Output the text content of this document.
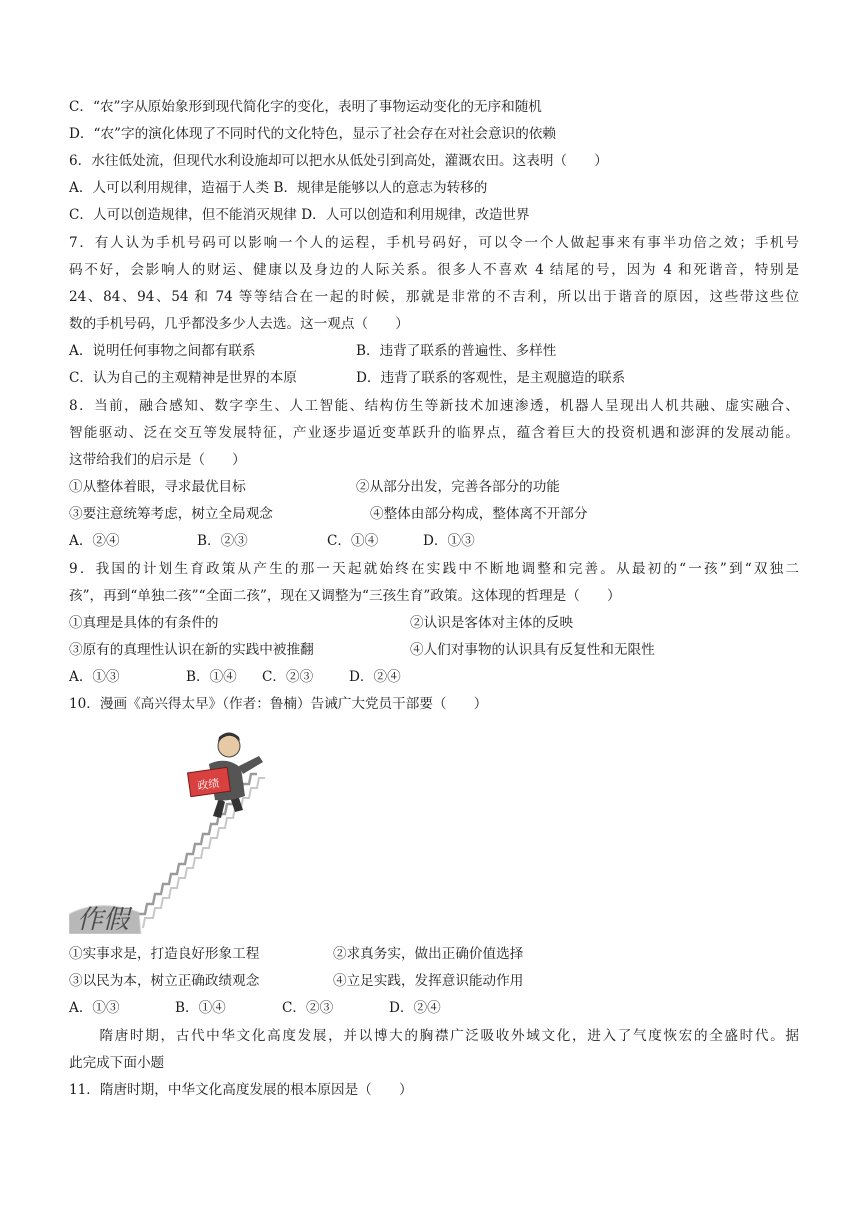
C．“农”字从原始象形到现代简化字的变化，表明了事物运动变化的无序和随机
D．“农”字的演化体现了不同时代的文化特色，显示了社会存在对社会意识的依赖
6．水往低处流，但现代水利设施却可以把水从低处引到高处，灌溉农田。这表明（　　）
A．人可以利用规律，造福于人类 B．规律是能够以人的意志为转移的
C．人可以创造规律，但不能消灭规律 D．人可以创造和利用规律，改造世界
7．有人认为手机号码可以影响一个人的运程，手机号码好，可以令一个人做起事来有事半功倍之效；手机号
码不好，会影响人的财运、健康以及身边的人际关系。很多人不喜欢 4 结尾的号，因为 4 和死谐音，特别是
24、84、94、54 和 74 等等结合在一起的时候，那就是非常的不吉利，所以出于谐音的原因，这些带这些位
数的手机号码，几乎都没多少人去选。这一观点（　　）
A．说明任何事物之间都有联系	B．违背了联系的普遍性、多样性
C．认为自己的主观精神是世界的本原	D．违背了联系的客观性，是主观臆造的联系
8．当前，融合感知、数字孪生、人工智能、结构仿生等新技术加速渗透，机器人呈现出人机共融、虚实融合、
智能驱动、泛在交互等发展特征，产业逐步逼近变革跃升的临界点，蕴含着巨大的投资机遇和澎湃的发展动能。
这带给我们的启示是（　　）
①从整体着眼，寻求最优目标	②从部分出发，完善各部分的功能
③要注意统筹考虑，树立全局观念	④整体由部分构成，整体离不开部分
A．②④	B．②③	C．①④	D．①③
9．我国的计划生育政策从产生的那一天起就始终在实践中不断地调整和完善。从最初的“一孩”到“双独二
孩”，再到“单独二孩”“全面二孩”，现在又调整为“三孩生育”政策。这体现的哲理是（　　）
①真理是具体的有条件的	②认识是客体对主体的反映
③原有的真理性认识在新的实践中被推翻	④人们对事物的认识具有反复性和无限性
A．①③	B．①④	C．②③	D．②④
10．漫画《高兴得太早》（作者：鲁楠）告诫广大党员干部要（　　）
政绩
作假
①实事求是，打造良好形象工程	②求真务实，做出正确价值选择
③以民为本，树立正确政绩观念	④立足实践，发挥意识能动作用
A．①③	B．①④	C．②③	D．②④
　　隋唐时期，古代中华文化高度发展，并以博大的胸襟广泛吸收外域文化，进入了气度恢宏的全盛时代。据
此完成下面小题
11．隋唐时期，中华文化高度发展的根本原因是（　　）
